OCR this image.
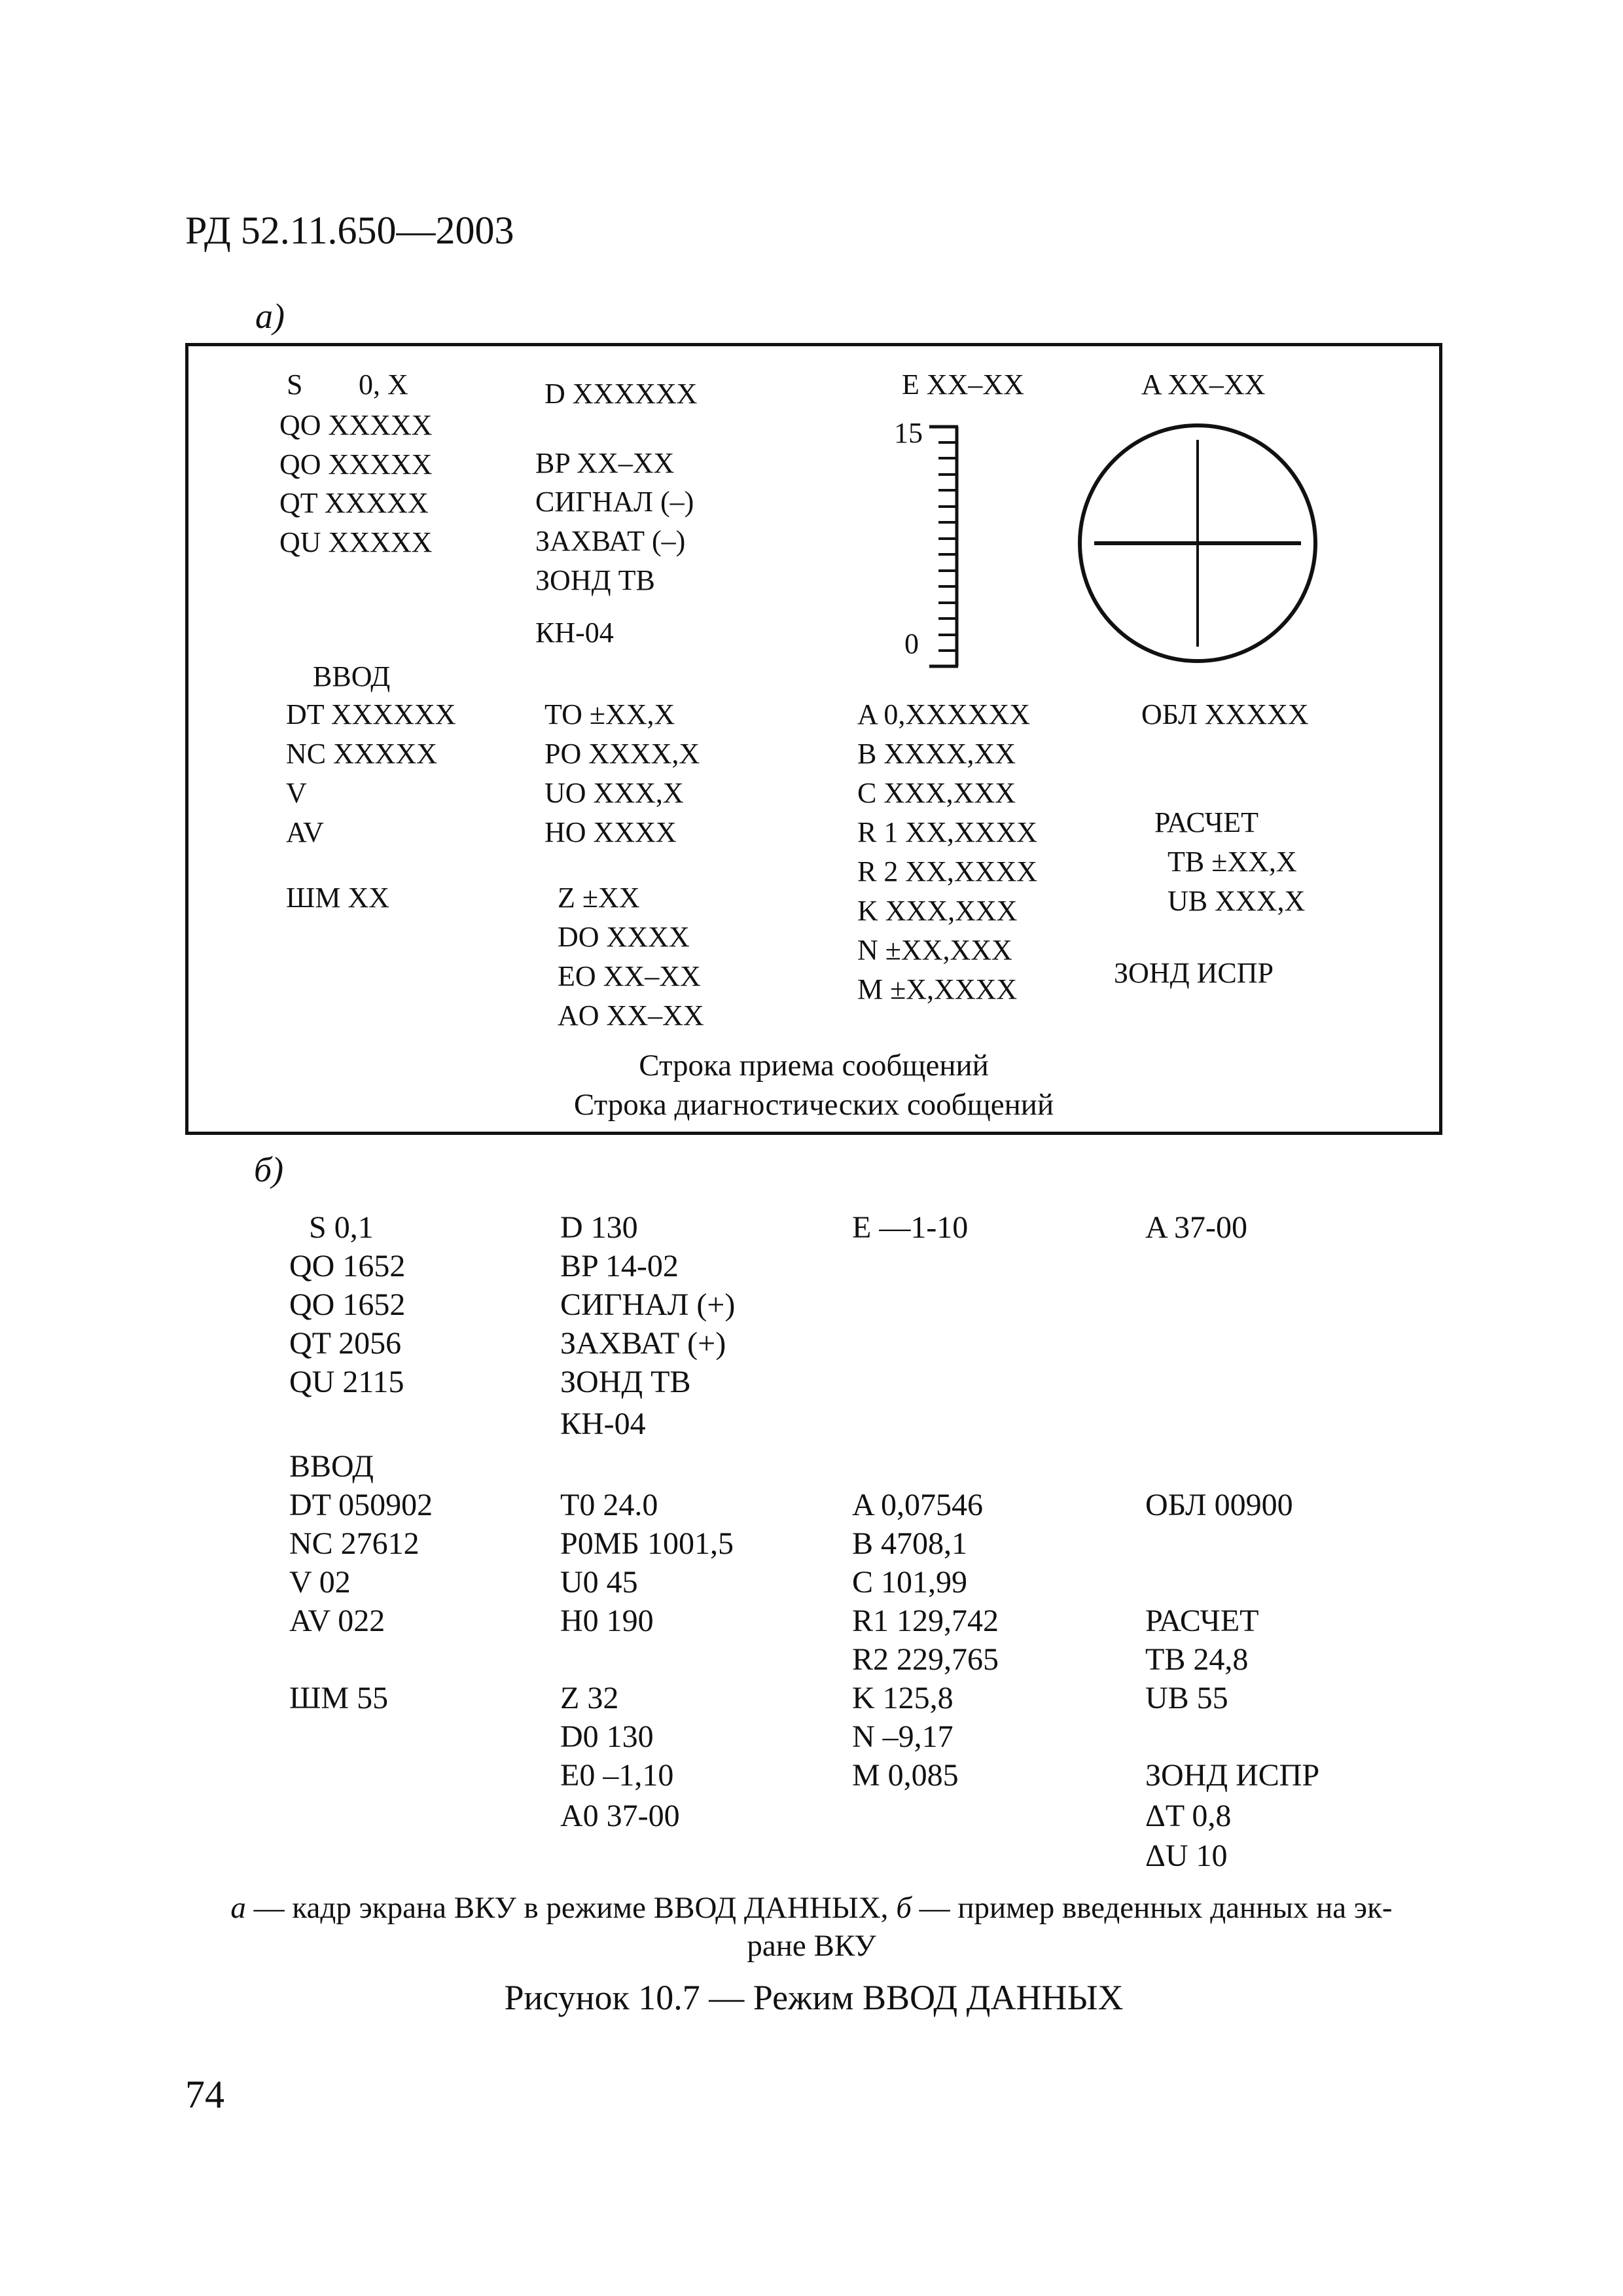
РД 52.11.650—2003
a)
S 0, X
QO XXXXX
QO XXXXX
QT XXXXX
QU XXXXX
ВВОД
DT XXXXXX
NC XXXXX
V
AV
ШМ XX
D XXXXXX
BP XX–XX
СИГНАЛ (–)
ЗАХВАТ (–)
ЗОНД ТВ
КН-04
TO ±XX,X
PO XXXX,X
UO XXX,X
HO XXXX
Z ±XX
DO XXXX
EO XX–XX
AO XX–XX
E XX–XX
15
0
A 0,XXXXXX
B XXXX,XX
C XXX,XXX
R 1 XX,XXXX
R 2 XX,XXXX
K XXX,XXX
N ±XX,XXX
M ±X,XXXX
A XX–XX
ОБЛ XXXXX
РАСЧЕТ
TB ±XX,X
UB XXX,X
ЗОНД ИСПР
Строка приема сообщений
Строка диагностических сообщений
б)
S 0,1
QO 1652
QO 1652
QT 2056
QU 2115
ВВОД
DT 050902
NC 27612
V 02
AV 022
ШМ 55
D 130
BP 14-02
СИГНАЛ (+)
ЗАХВАТ (+)
ЗОНД ТВ
КН-04
T0 24.0
P0МБ 1001,5
U0 45
H0 190
Z 32
D0 130
E0 –1,10
A0 37-00
E —1-10
A 0,07546
B 4708,1
C 101,99
R1 129,742
R2 229,765
K 125,8
N –9,17
M 0,085
A 37-00
ОБЛ 00900
РАСЧЕТ
TB 24,8
UB 55
ЗОНД ИСПР
ΔT 0,8
ΔU 10
а — кадр экрана ВКУ в режиме ВВОД ДАННЫХ, б — пример введенных данных на эк-
ране ВКУ
Рисунок 10.7 — Режим ВВОД ДАННЫХ
74
